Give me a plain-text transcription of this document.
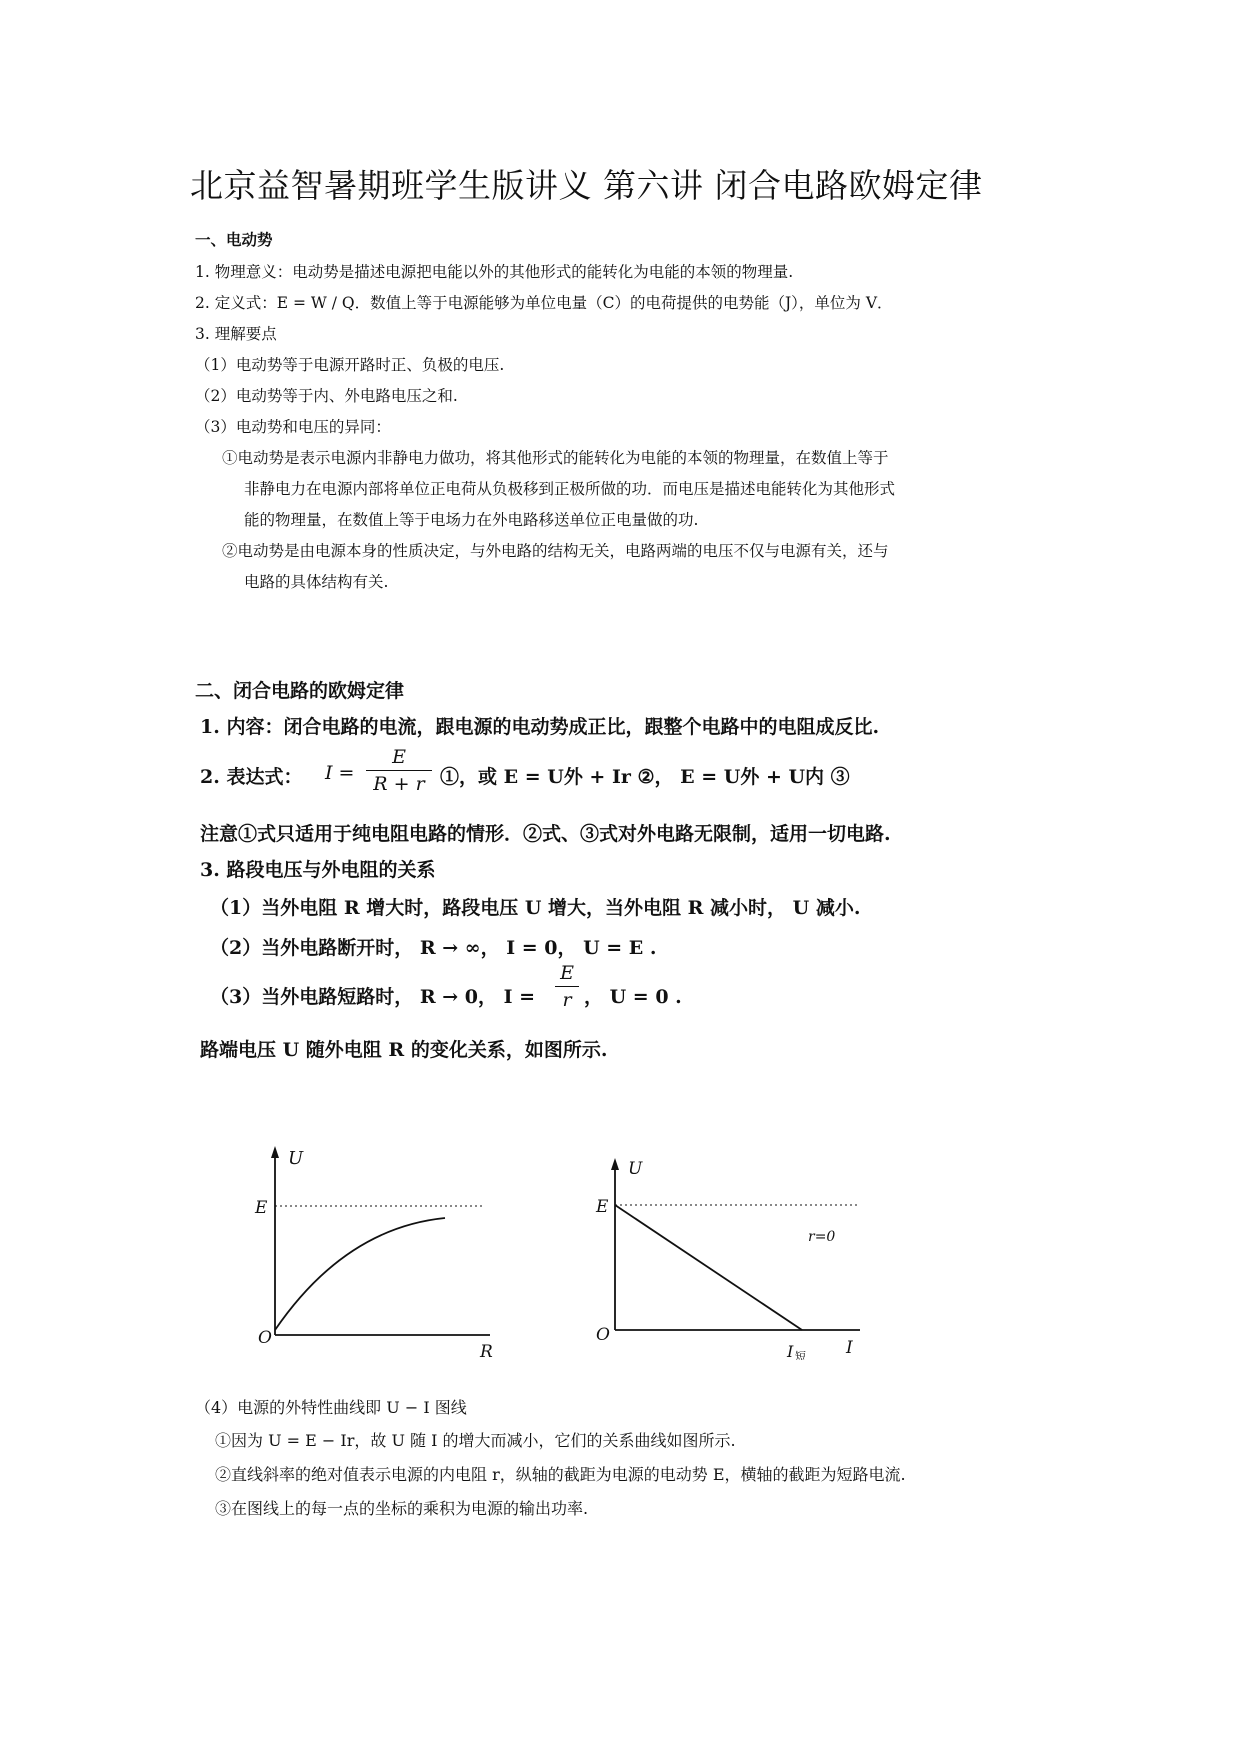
北京益智暑期班学生版讲义 第六讲 闭合电路欧姆定律
一、电动势
1. 物理意义：电动势是描述电源把电能以外的其他形式的能转化为电能的本领的物理量.
2. 定义式：E = W / Q．数值上等于电源能够为单位电量（C）的电荷提供的电势能（J），单位为 V．
3. 理解要点
（1）电动势等于电源开路时正、负极的电压.
（2）电动势等于内、外电路电压之和.
（3）电动势和电压的异同：
①电动势是表示电源内非静电力做功，将其他形式的能转化为电能的本领的物理量，在数值上等于
非静电力在电源内部将单位正电荷从负极移到正极所做的功．而电压是描述电能转化为其他形式
能的物理量，在数值上等于电场力在外电路移送单位正电量做的功.
②电动势是由电源本身的性质决定，与外电路的结构无关，电路两端的电压不仅与电源有关，还与
电路的具体结构有关.
二、闭合电路的欧姆定律
1. 内容：闭合电路的电流，跟电源的电动势成正比，跟整个电路中的电阻成反比.
2. 表达式： I =
E
R + r ①，或 E = U外 + Ir ②， E = U外 + U内 ③
注意①式只适用于纯电阻电路的情形．②式、③式对外电路无限制，适用一切电路.
3. 路段电压与外电阻的关系
（1）当外电阻 R 增大时，路段电压 U 增大，当外电阻 R 减小时， U 减小.
（2）当外电路断开时， R → ∞， I = 0， U = E .
（3）当外电路短路时， R → 0， I =
E
r ， U = 0 .
路端电压 U 随外电阻 R 的变化关系，如图所示.
U
E
O
R
U
E
r=0
O
I 短 I
（4）电源的外特性曲线即 U − I 图线
①因为 U = E − Ir，故 U 随 I 的增大而减小，它们的关系曲线如图所示.
②直线斜率的绝对值表示电源的内电阻 r，纵轴的截距为电源的电动势 E，横轴的截距为短路电流.
③在图线上的每一点的坐标的乘积为电源的输出功率.
